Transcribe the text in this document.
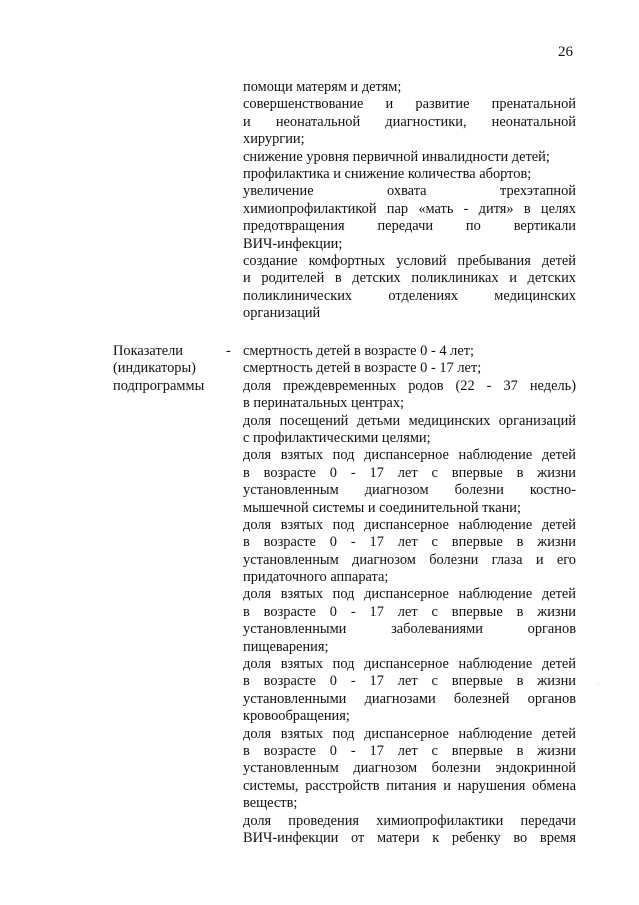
26
помощи матерям и детям;
совершенствование и развитие пренатальной
и неонатальной диагностики, неонатальной
хирургии;
снижение уровня первичной инвалидности детей;
профилактика и снижение количества абортов;
увеличение охвата трехэтапной
химиопрофилактикой пар «мать - дитя» в целях
предотвращения передачи по вертикали
ВИЧ-инфекции;
создание комфортных условий пребывания детей
и родителей в детских поликлиниках и детских
поликлинических отделениях медицинских
организаций
Показатели
(индикаторы)
подпрограммы
- смертность детей в возрасте 0 - 4 лет;
смертность детей в возрасте 0 - 17 лет;
доля преждевременных родов (22 - 37 недель)
в перинатальных центрах;
доля посещений детьми медицинских организаций
с профилактическими целями;
доля взятых под диспансерное наблюдение детей
в возрасте 0 - 17 лет с впервые в жизни
установленным диагнозом болезни костно-
мышечной системы и соединительной ткани;
доля взятых под диспансерное наблюдение детей
в возрасте 0 - 17 лет с впервые в жизни
установленным диагнозом болезни глаза и его
придаточного аппарата;
доля взятых под диспансерное наблюдение детей
в возрасте 0 - 17 лет с впервые в жизни
установленными заболеваниями органов
пищеварения;
доля взятых под диспансерное наблюдение детей
в возрасте 0 - 17 лет с впервые в жизни
установленными диагнозами болезней органов
кровообращения;
доля взятых под диспансерное наблюдение детей
в возрасте 0 - 17 лет с впервые в жизни
установленным диагнозом болезни эндокринной
системы, расстройств питания и нарушения обмена
веществ;
доля проведения химиопрофилактики передачи
ВИЧ-инфекции от матери к ребенку во время
